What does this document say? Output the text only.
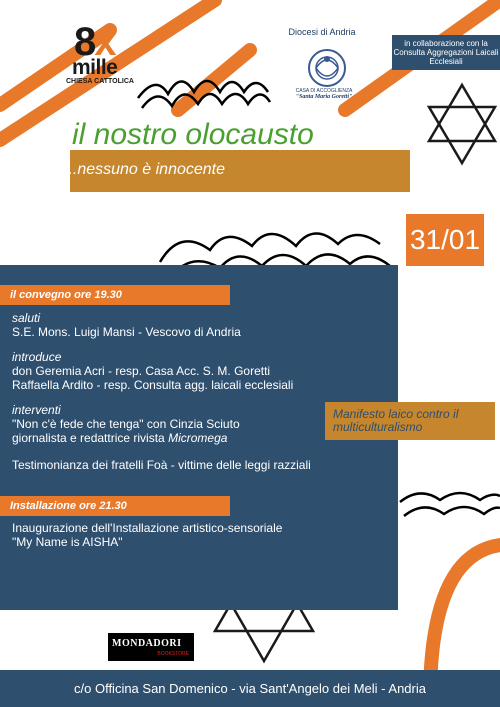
8x
mille
CHIESA CATTOLICA
Diocesi di Andria
CASA DI ACCOGLIENZA
"Santa Maria Goretti"
in collaborazione con la Consulta Aggregazioni Laicali Ecclesiali
il nostro olocausto
...nessuno è innocente
31/01
il convegno ore 19.30
saluti
S.E. Mons. Luigi Mansi - Vescovo di Andria
introduce
don Geremia Acri - resp. Casa Acc. S. M. Goretti
Raffaella Ardito - resp. Consulta agg. laicali ecclesiali
interventi
"Non c'è fede che tenga" con Cinzia Sciuto
giornalista e redattrice rivista Micromega
Testimonianza dei fratelli Foà - vittime delle leggi razziali
Manifesto laico contro il multiculturalismo
Installazione ore 21.30
Inaugurazione dell'Installazione artistico-sensoriale
"My Name is AISHA"
MONDADORI
BOOKSTORE
c/o Officina San Domenico - via Sant'Angelo dei Meli - Andria
